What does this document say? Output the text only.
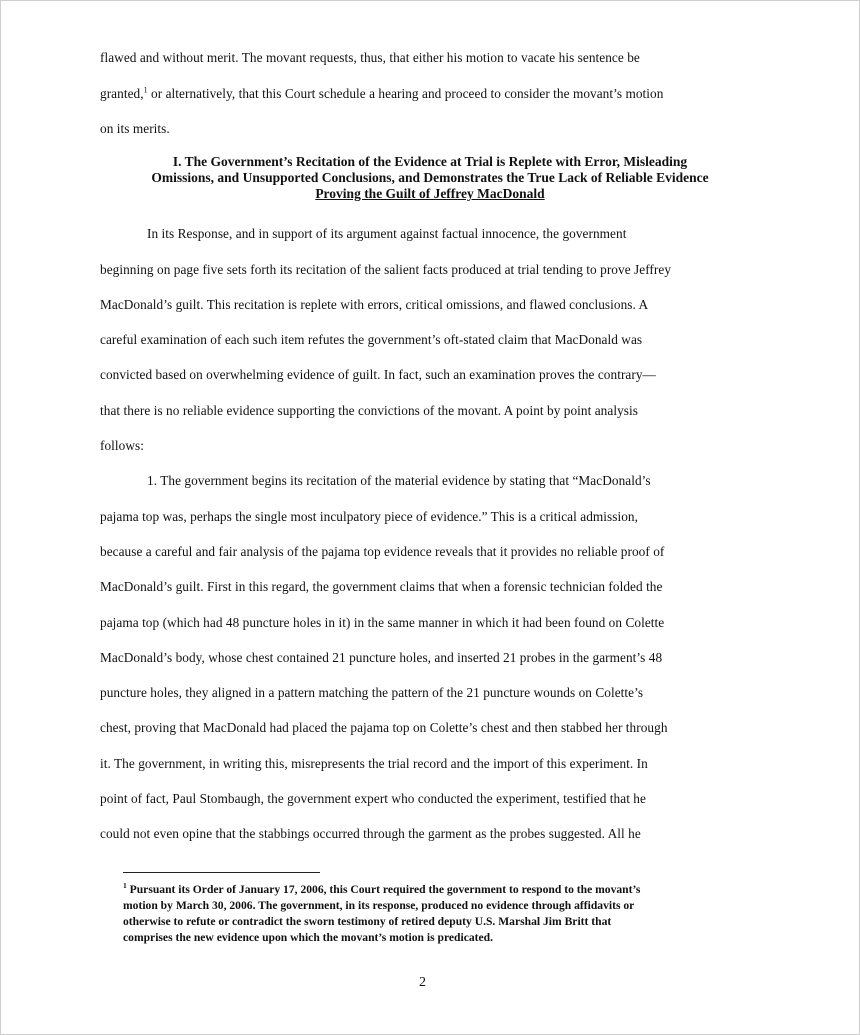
flawed and without merit. The movant requests, thus, that either his motion to vacate his sentence be
granted,$^1$ or alternatively, that this Court schedule a hearing and proceed to consider the movant’s motion
on its merits.
I. The Government’s Recitation of the Evidence at Trial is Replete with Error, Misleading
Omissions, and Unsupported Conclusions, and Demonstrates the True Lack of Reliable Evidence
Proving the Guilt of Jeffrey MacDonald
In its Response, and in support of its argument against factual innocence, the government
beginning on page five sets forth its recitation of the salient facts produced at trial tending to prove Jeffrey
MacDonald’s guilt. This recitation is replete with errors, critical omissions, and flawed conclusions. A
careful examination of each such item refutes the government’s oft-stated claim that MacDonald was
convicted based on overwhelming evidence of guilt. In fact, such an examination proves the contrary—
that there is no reliable evidence supporting the convictions of the movant. A point by point analysis
follows:
1. The government begins its recitation of the material evidence by stating that “MacDonald’s
pajama top was, perhaps the single most inculpatory piece of evidence.” This is a critical admission,
because a careful and fair analysis of the pajama top evidence reveals that it provides no reliable proof of
MacDonald’s guilt. First in this regard, the government claims that when a forensic technician folded the
pajama top (which had 48 puncture holes in it) in the same manner in which it had been found on Colette
MacDonald’s body, whose chest contained 21 puncture holes, and inserted 21 probes in the garment’s 48
puncture holes, they aligned in a pattern matching the pattern of the 21 puncture wounds on Colette’s
chest, proving that MacDonald had placed the pajama top on Colette’s chest and then stabbed her through
it. The government, in writing this, misrepresents the trial record and the import of this experiment. In
point of fact, Paul Stombaugh, the government expert who conducted the experiment, testified that he
could not even opine that the stabbings occurred through the garment as the probes suggested. All he
$^1$ Pursuant its Order of January 17, 2006, this Court required the government to respond to the movant’s
motion by March 30, 2006. The government, in its response, produced no evidence through affidavits or
otherwise to refute or contradict the sworn testimony of retired deputy U.S. Marshal Jim Britt that
comprises the new evidence upon which the movant’s motion is predicated.
2
